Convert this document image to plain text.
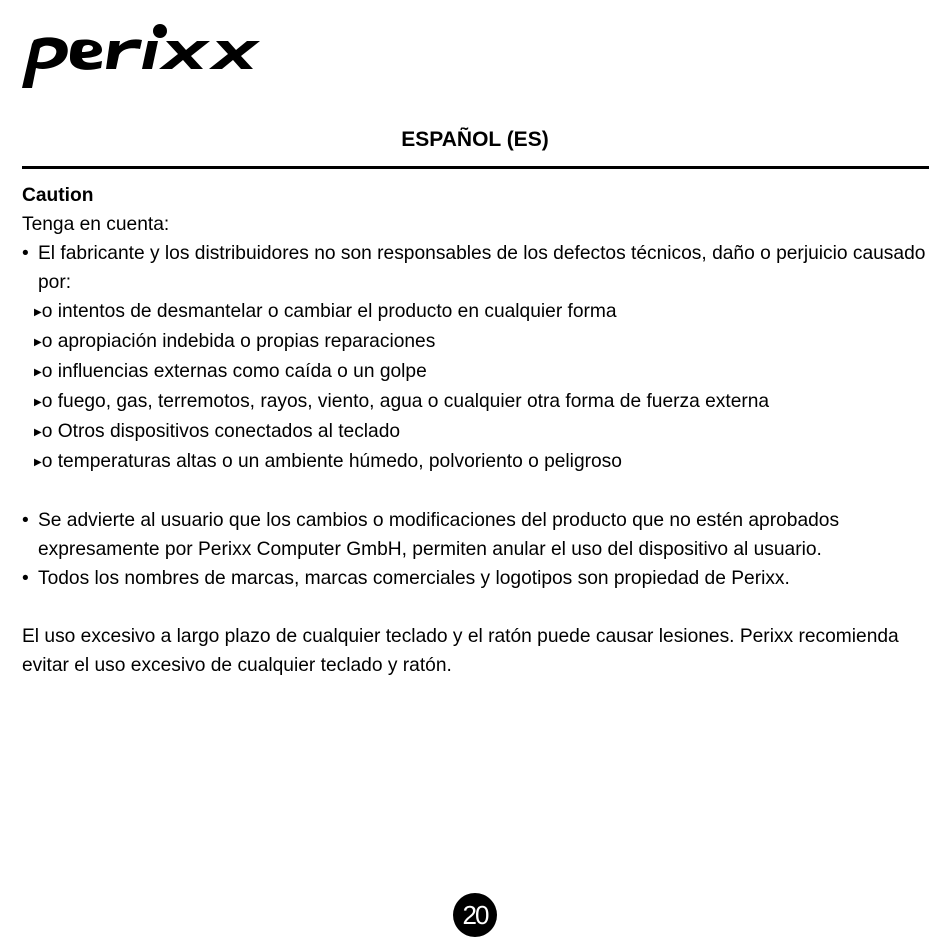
ESPAÑOL (ES)

Caution

Tenga en cuenta:

• El fabricante y los distribuidores no son responsables de los defectos técnicos, daño o perjuicio causado por:

▶o intentos de desmantelar o cambiar el producto en cualquier forma

▶o apropiación indebida o propias reparaciones

▶o influencias externas como caída o un golpe

▶o fuego, gas, terremotos, rayos, viento, agua o cualquier otra forma de fuerza externa

▶o Otros dispositivos conectados al teclado

▶o temperaturas altas o un ambiente húmedo, polvoriento o peligroso

• Se advierte al usuario que los cambios o modificaciones del producto que no estén aprobados expresamente por Perixx Computer GmbH, permiten anular el uso del dispositivo al usuario.

• Todos los nombres de marcas, marcas comerciales y logotipos son propiedad de Perixx.

El uso excesivo a largo plazo de cualquier teclado y el ratón puede causar lesiones. Perixx recomienda evitar el uso excesivo de cualquier teclado y ratón.

20
